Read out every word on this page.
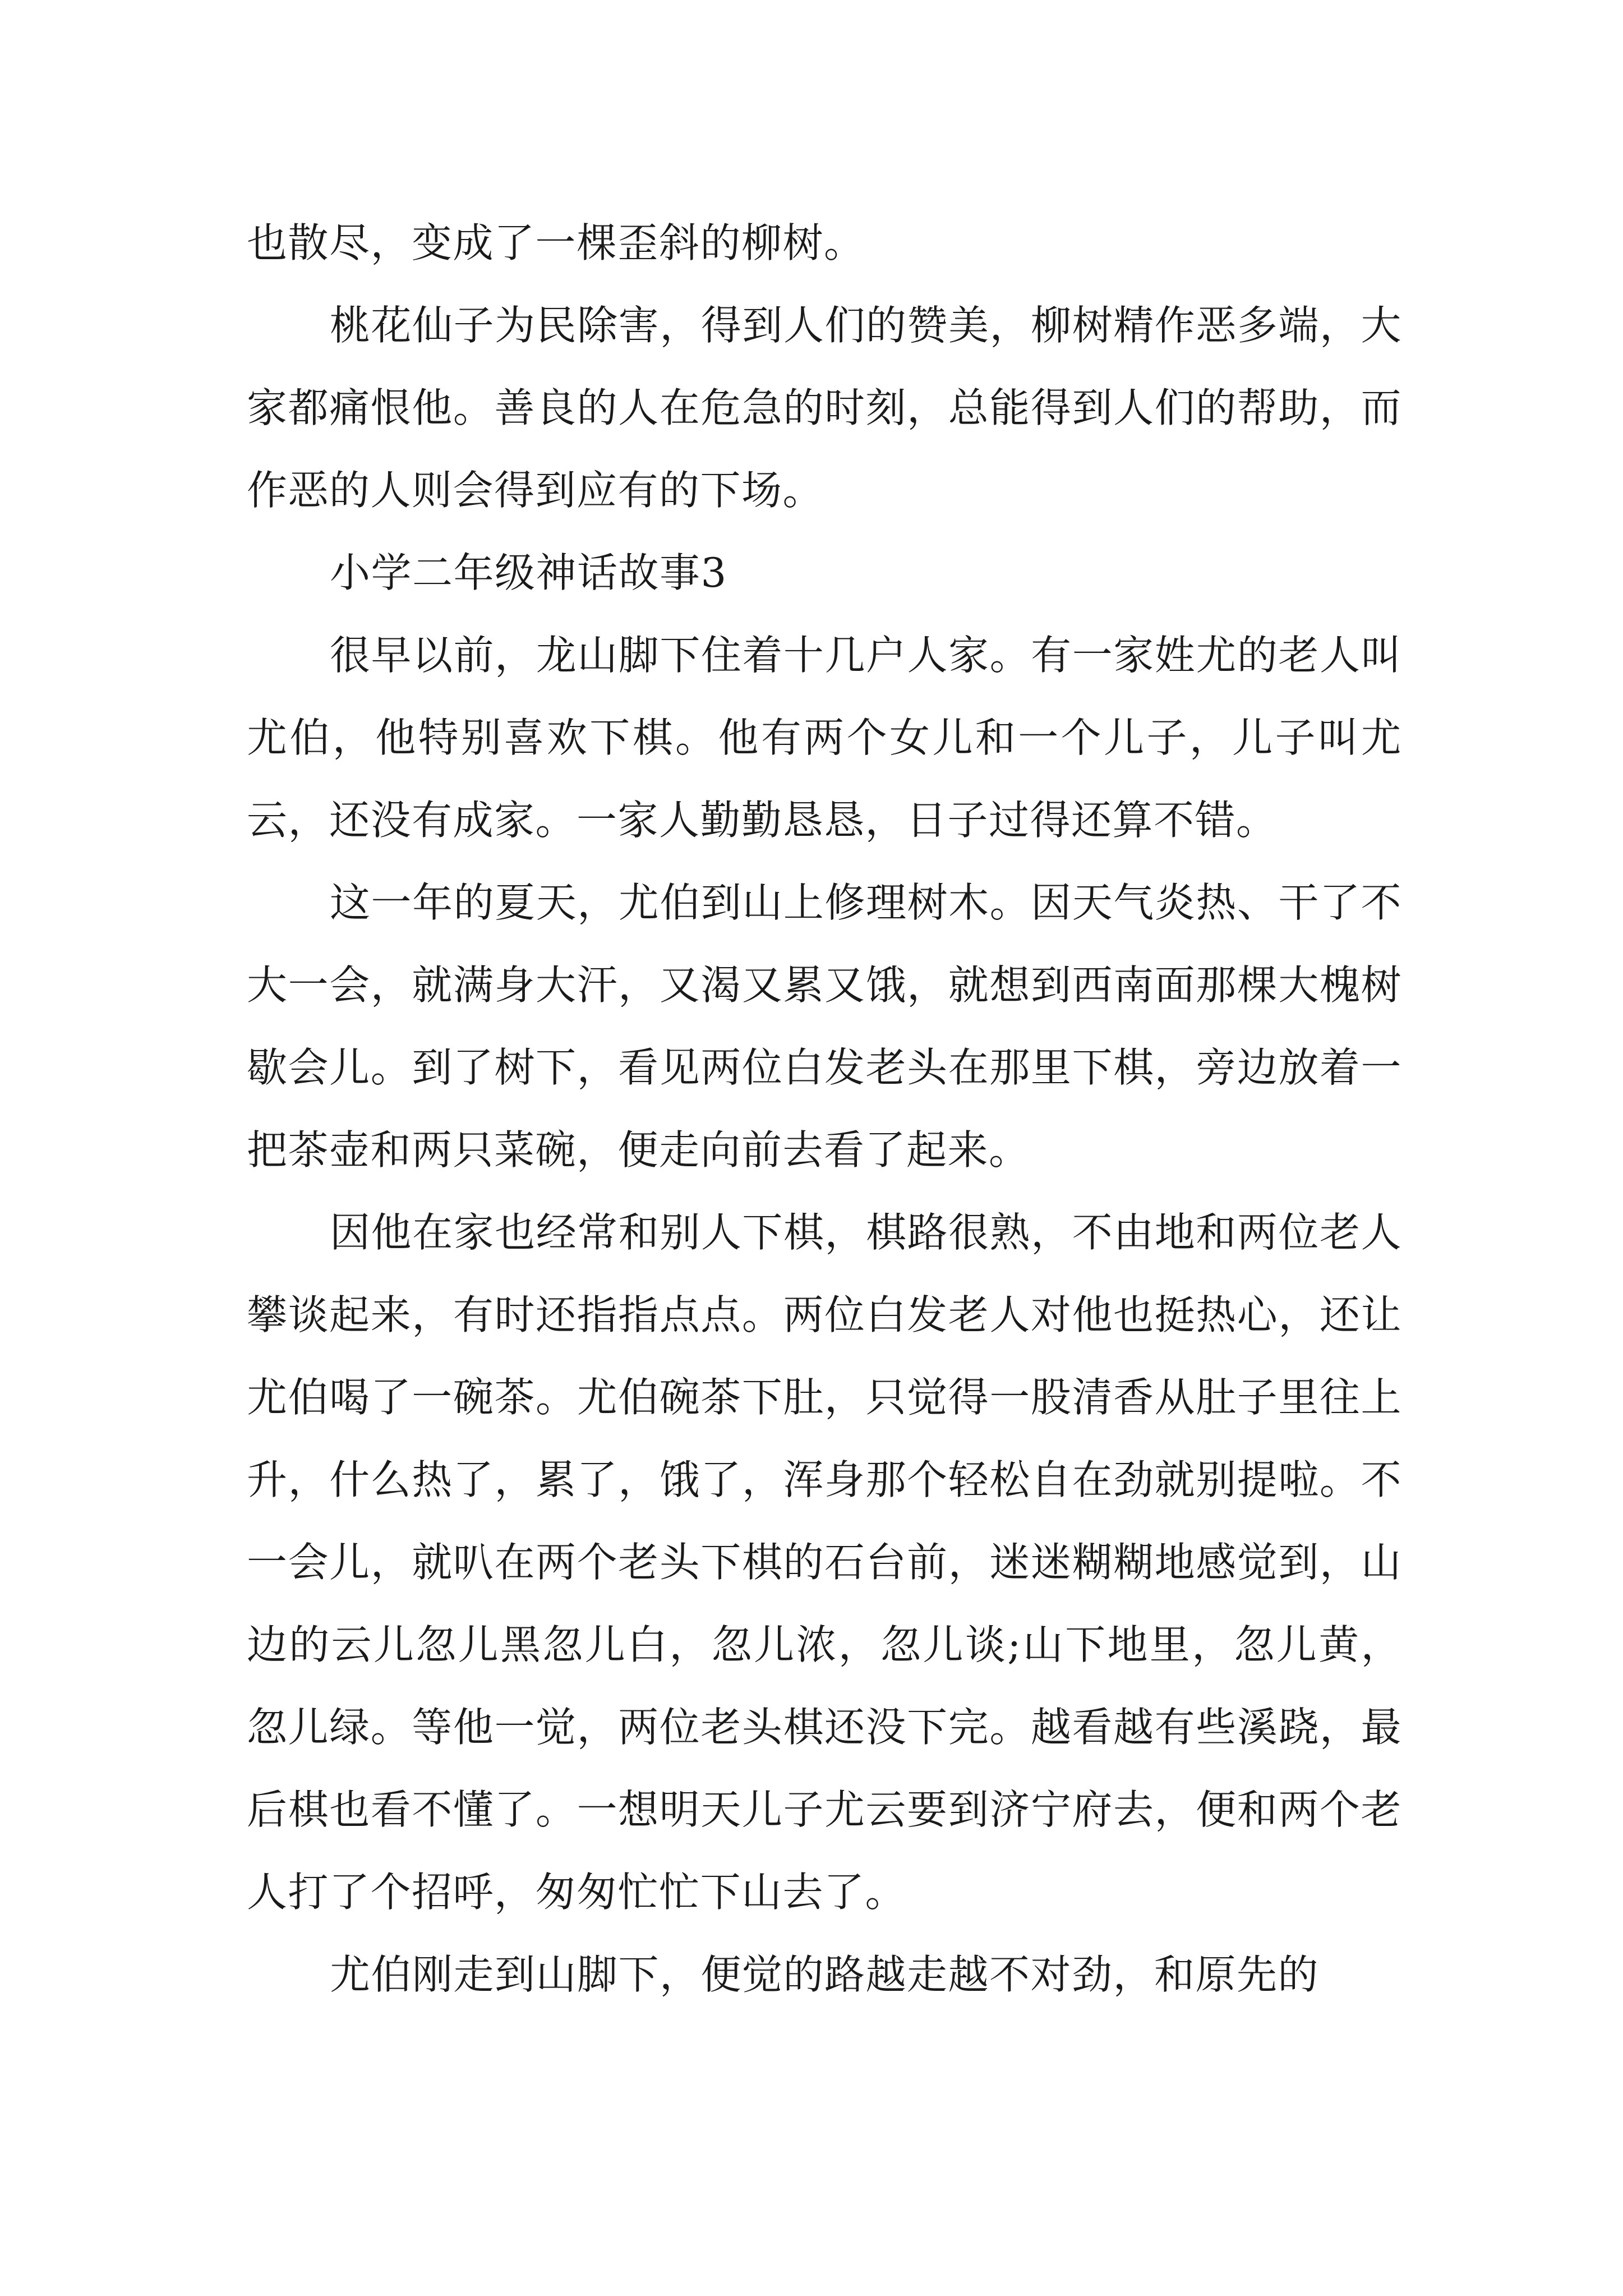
也散尽，变成了一棵歪斜的柳树。

桃花仙子为民除害，得到人们的赞美，柳树精作恶多端，大家都痛恨他。善良的人在危急的时刻，总能得到人们的帮助，而作恶的人则会得到应有的下场。

小学二年级神话故事3

很早以前，龙山脚下住着十几户人家。有一家姓尤的老人叫尤伯，他特别喜欢下棋。他有两个女儿和一个儿子，儿子叫尤云，还没有成家。一家人勤勤恳恳，日子过得还算不错。

这一年的夏天，尤伯到山上修理树木。因天气炎热、干了不大一会，就满身大汗，又渴又累又饿，就想到西南面那棵大槐树歇会儿。到了树下，看见两位白发老头在那里下棋，旁边放着一把茶壶和两只菜碗，便走向前去看了起来。

因他在家也经常和别人下棋，棋路很熟，不由地和两位老人攀谈起来，有时还指指点点。两位白发老人对他也挺热心，还让尤伯喝了一碗茶。尤伯碗茶下肚，只觉得一股清香从肚子里往上升，什么热了，累了，饿了，浑身那个轻松自在劲就别提啦。不一会儿，就叭在两个老头下棋的石台前，迷迷糊糊地感觉到，山边的云儿忽儿黑忽儿白，忽儿浓，忽儿谈;山下地里，忽儿黄，忽儿绿。等他一觉，两位老头棋还没下完。越看越有些溪跷，最后棋也看不懂了。一想明天儿子尤云要到济宁府去，便和两个老人打了个招呼，匆匆忙忙下山去了。

尤伯刚走到山脚下，便觉的路越走越不对劲，和原先的
